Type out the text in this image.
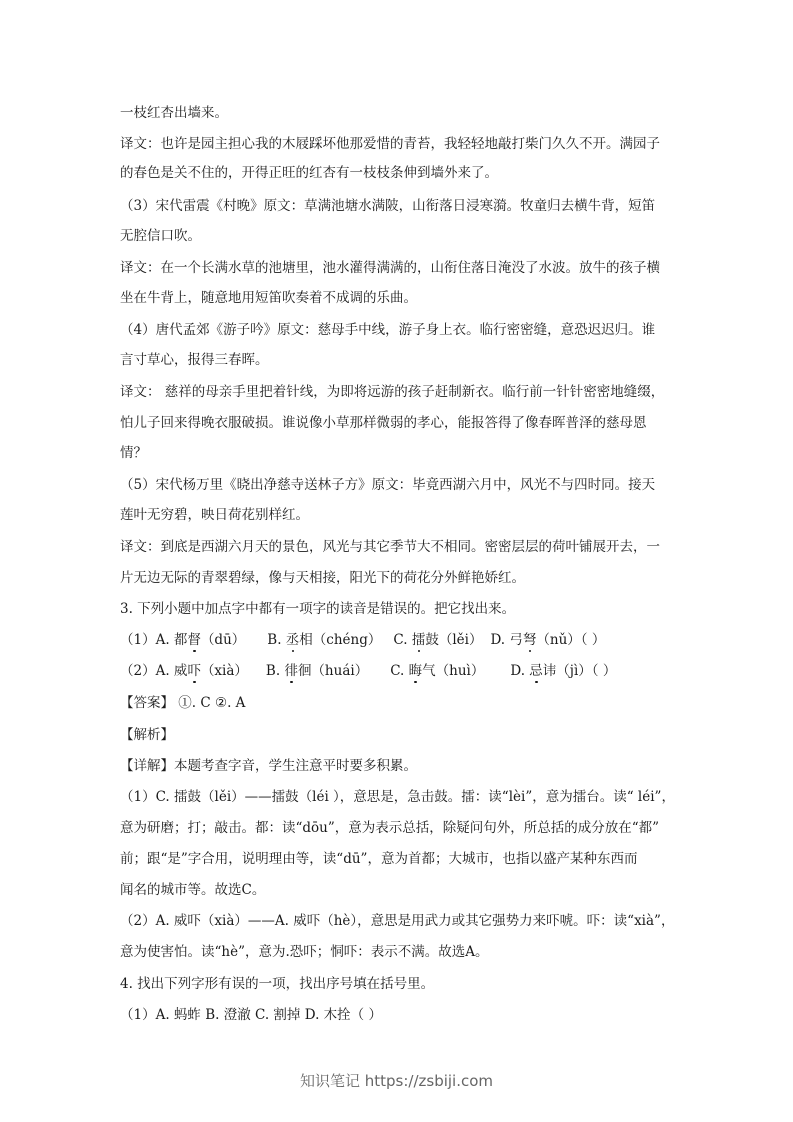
一枝红杏出墙来。
译文：也许是园主担心我的木屐踩坏他那爱惜的青苔，我轻轻地敲打柴门久久不开。满园子
的春色是关不住的，开得正旺的红杏有一枝枝条伸到墙外来了。
（3）宋代雷震《村晚》原文：草满池塘水满陂，山衔落日浸寒漪。牧童归去横牛背，短笛
无腔信口吹。
译文：在一个长满水草的池塘里，池水灌得满满的，山衔住落日淹没了水波。放牛的孩子横
坐在牛背上，随意地用短笛吹奏着不成调的乐曲。
（4）唐代孟郊《游子吟》原文：慈母手中线，游子身上衣。临行密密缝，意恐迟迟归。谁
言寸草心，报得三春晖。
译文： 慈祥的母亲手里把着针线，为即将远游的孩子赶制新衣。临行前一针针密密地缝缀，
怕儿子回来得晚衣服破损。谁说像小草那样微弱的孝心，能报答得了像春晖普泽的慈母恩
情？
（5）宋代杨万里《晓出净慈寺送林子方》原文：毕竟西湖六月中，风光不与四时同。接天
莲叶无穷碧，映日荷花别样红。
译文：到底是西湖六月天的景色，风光与其它季节大不相同。密密层层的荷叶铺展开去，一
片无边无际的青翠碧绿，像与天相接，阳光下的荷花分外鲜艳娇红。
3. 下列小题中加点字中都有一项字的读音是错误的。把它找出来。
（1）A. 都督（dū） B. 丞相（chéng） C. 擂鼓（lěi） D. 弓弩（nǔ）（ ）
（2）A. 威吓（xià） B. 徘徊（huái） C. 晦气（huì） D. 忌讳（jì）（ ）
【答案】 ①. C ②. A
【解析】
【详解】本题考查字音，学生注意平时要多积累。
（1）C. 擂鼓（lěi）——擂鼓（léi ），意思是，急击鼓。擂：读“lèi”，意为擂台。读“ léi”，
意为研磨；打；敲击。都：读“dōu”，意为表示总括，除疑问句外，所总括的成分放在“都”
前；跟“是”字合用，说明理由等，读“dū”，意为首都；大城市，也指以盛产某种东西而
闻名的城市等。故选C。
（2）A. 威吓（xià）——A. 威吓（hè），意思是用武力或其它强势力来吓唬。吓：读“xià”，
意为使害怕。读“hè”，意为.恐吓；恫吓：表示不满。故选A。
4. 找出下列字形有误的一项，找出序号填在括号里。
（1）A. 蚂蚱 B. 澄澈 C. 割掉 D. 木拴（ ）
知识笔记 https://zsbiji.com
